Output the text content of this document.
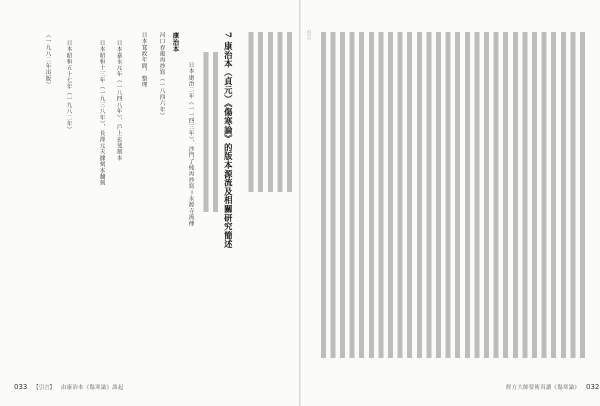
7 康治本（貞元）《傷寒論》的版本源流及相關研究簡述
日本康治二年（一一四三年），沙門了純再抄寫＝永源寺流傳
康治本
河口春龍再抄寫（一八四六年）
日本寬政年間，整理
日本嘉永元年（一八四八年），戶上玄斐刻本
日本昭和十三年（一九三八年），長澤元夫據刻本翻刻
日本昭和五十七年（一九八二年）
（一九八二年出版）
033 【引言】 由康治本《傷寒論》談起
引言
經方大師要術真讀《傷寒論》 032
